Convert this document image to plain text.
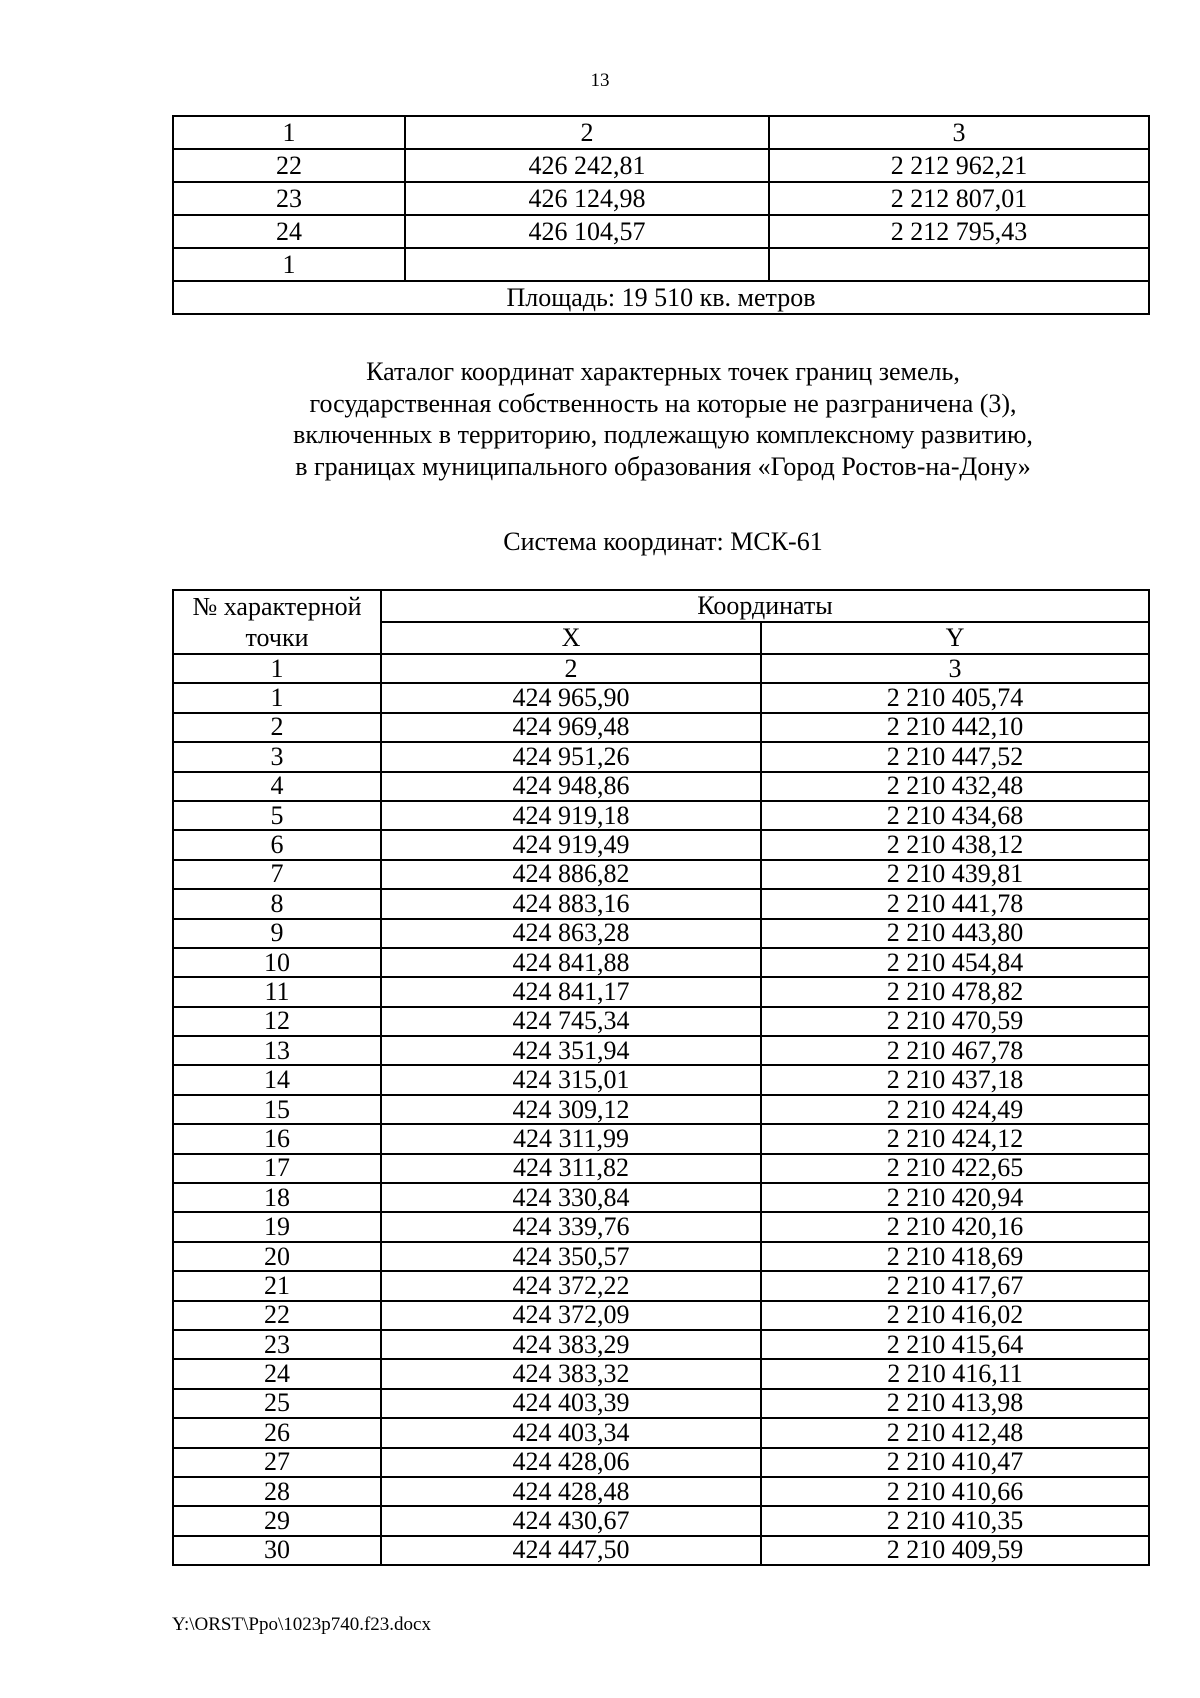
13
1	2	3
22	426 242,81	2 212 962,21
23	426 124,98	2 212 807,01
24	426 104,57	2 212 795,43
1		
Площадь: 19 510 кв. метров		
Каталог координат характерных точек границ земель,
государственная собственность на которые не разграничена (3),
включенных в территорию, подлежащую комплексному развитию,
в границах муниципального образования «Город Ростов-на-Дону»
Система координат: МСК-61
№ характерной точки	Координаты	
	X	Y
1	2	3
1	424 965,90	2 210 405,74
2	424 969,48	2 210 442,10
3	424 951,26	2 210 447,52
4	424 948,86	2 210 432,48
5	424 919,18	2 210 434,68
6	424 919,49	2 210 438,12
7	424 886,82	2 210 439,81
8	424 883,16	2 210 441,78
9	424 863,28	2 210 443,80
10	424 841,88	2 210 454,84
11	424 841,17	2 210 478,82
12	424 745,34	2 210 470,59
13	424 351,94	2 210 467,78
14	424 315,01	2 210 437,18
15	424 309,12	2 210 424,49
16	424 311,99	2 210 424,12
17	424 311,82	2 210 422,65
18	424 330,84	2 210 420,94
19	424 339,76	2 210 420,16
20	424 350,57	2 210 418,69
21	424 372,22	2 210 417,67
22	424 372,09	2 210 416,02
23	424 383,29	2 210 415,64
24	424 383,32	2 210 416,11
25	424 403,39	2 210 413,98
26	424 403,34	2 210 412,48
27	424 428,06	2 210 410,47
28	424 428,48	2 210 410,66
29	424 430,67	2 210 410,35
30	424 447,50	2 210 409,59
Y:\ORST\Ppo\1023p740.f23.docx
